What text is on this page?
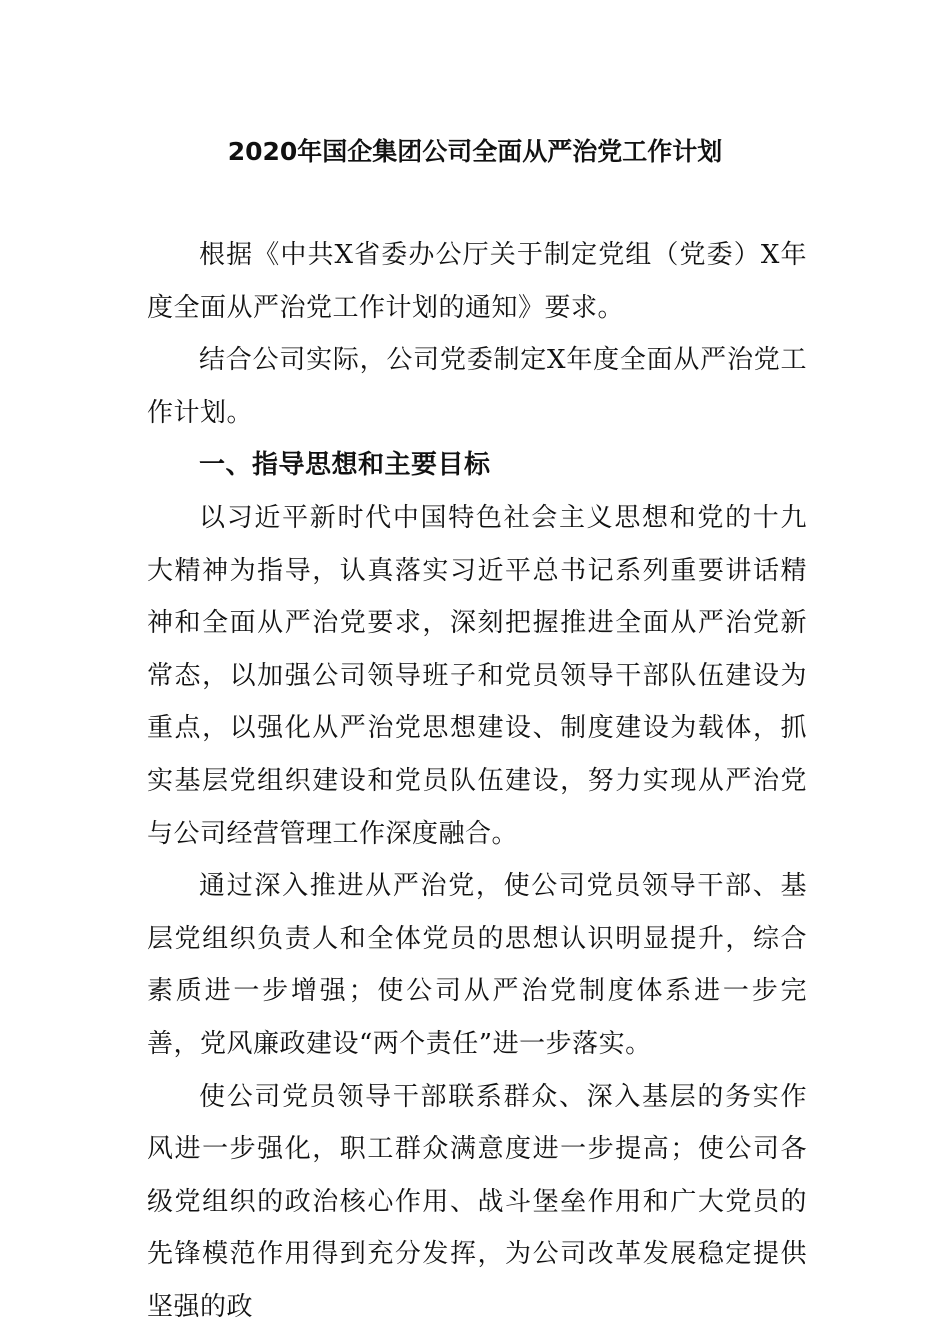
2020年国企集团公司全面从严治党工作计划

根据《中共X省委办公厅关于制定党组（党委）X年度全面从严治党工作计划的通知》要求。

结合公司实际，公司党委制定X年度全面从严治党工作计划。

一、指导思想和主要目标

以习近平新时代中国特色社会主义思想和党的十九大精神为指导，认真落实习近平总书记系列重要讲话精神和全面从严治党要求，深刻把握推进全面从严治党新常态，以加强公司领导班子和党员领导干部队伍建设为重点，以强化从严治党思想建设、制度建设为载体，抓实基层党组织建设和党员队伍建设，努力实现从严治党与公司经营管理工作深度融合。

通过深入推进从严治党，使公司党员领导干部、基层党组织负责人和全体党员的思想认识明显提升，综合素质进一步增强；使公司从严治党制度体系进一步完善，党风廉政建设“两个责任”进一步落实。

使公司党员领导干部联系群众、深入基层的务实作风进一步强化，职工群众满意度进一步提高；使公司各级党组织的政治核心作用、战斗堡垒作用和广大党员的先锋模范作用得到充分发挥，为公司改革发展稳定提供坚强的政
